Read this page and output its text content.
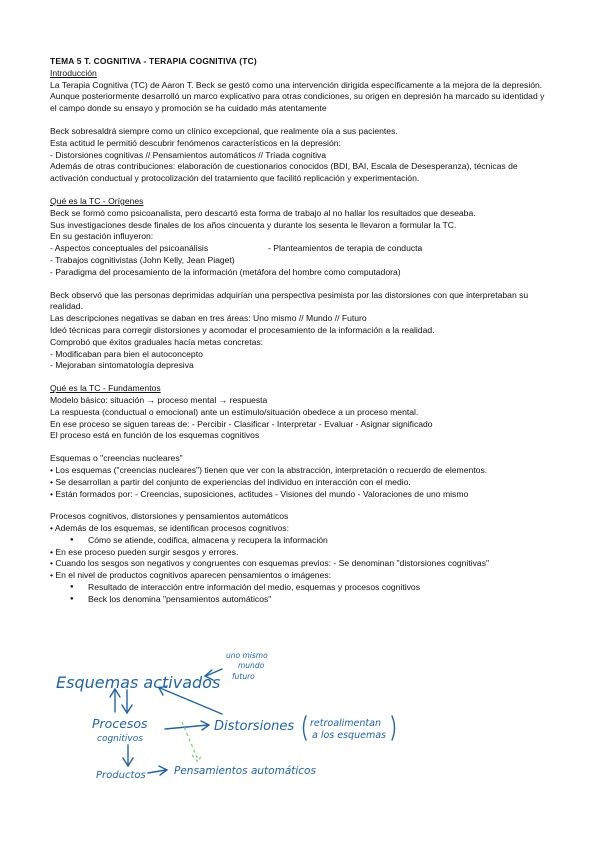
TEMA 5 T. COGNITIVA - TERAPIA COGNITIVA (TC)
Introducción
La Terapia Cognitiva (TC) de Aaron T. Beck se gestó como una intervención dirigida específicamente a la mejora de la depresión.
Aunque posteriormente desarrolló un marco explicativo para otras condiciones, su origen en depresión ha marcado su identidad y el campo donde su ensayo y promoción se ha cuidado más atentamente
Beck sobresaldrá siempre como un clínico excepcional, que realmente oía a sus pacientes.
Esta actitud le permitió descubrir fenómenos característicos en la depresión:
- Distorsiones cognitivas // Pensamientos automáticos // Tríada cognitiva
Además de otras contribuciones: elaboración de cuestionarios conocidos (BDI, BAI, Escala de Desesperanza), técnicas de activación conductual y protocolización del tratamiento que facilitó replicación y experimentación.
Qué es la TC - Orígenes
Beck se formó como psicoanalista, pero descartó esta forma de trabajo al no hallar los resultados que deseaba.
Sus investigaciones desde finales de los años cincuenta y durante los sesenta le llevaron a formular la TC.
En su gestación influyeron:
- Aspectos conceptuales del psicoanálisis	- Planteamientos de terapia de conducta
- Trabajos cognitivistas (John Kelly, Jean Piaget)
- Paradigma del procesamiento de la información (metáfora del hombre como computadora)
Beck observó que las personas deprimidas adquirían una perspectiva pesimista por las distorsiones con que interpretaban su realidad.
Las descripciones negativas se daban en tres áreas: Uno mismo // Mundo // Futuro
Ideó técnicas para corregir distorsiones y acomodar el procesamiento de la información a la realidad.
Comprobó que éxitos graduales hacía metas concretas:
- Modificaban para bien el autoconcepto
- Mejoraban sintomatología depresiva
Qué es la TC - Fundamentos
Modelo básico: situación → proceso mental → respuesta
La respuesta (conductual o emocional) ante un estímulo/situación obedece a un proceso mental.
En ese proceso se siguen tareas de: - Percibir - Clasificar - Interpretar - Evaluar - Asignar significado
El proceso está en función de los esquemas cognitivos
Esquemas o "creencias nucleares"
• Los esquemas ("creencias nucleares") tienen que ver con la abstracción, interpretación o recuerdo de elementos.
• Se desarrollan a partir del conjunto de experiencias del individuo en interacción con el medio.
• Están formados por: - Creencias, suposiciones, actitudes - Visiones del mundo - Valoraciones de uno mismo
Procesos cognitivos, distorsiones y pensamientos automáticos
• Además de los esquemas, se identifican procesos cognitivos:
● Cómo se atiende, codifica, almacena y recupera la información
• En ese proceso pueden surgir sesgos y errores.
• Cuando los sesgos son negativos y congruentes con esquemas previos: - Se denominan "distorsiones cognitivas"
• En el nivel de productos cognitivos aparecen pensamientos o imágenes:
● Resultado de interacción entre información del medio, esquemas y procesos cognitivos
● Beck los denomina "pensamientos automáticos"
Esquemas activados
uno mismo
mundo
futuro
Procesos
cognitivos
Distorsiones retroalimentan
a los esquemas
Productos	Pensamientos automáticos
